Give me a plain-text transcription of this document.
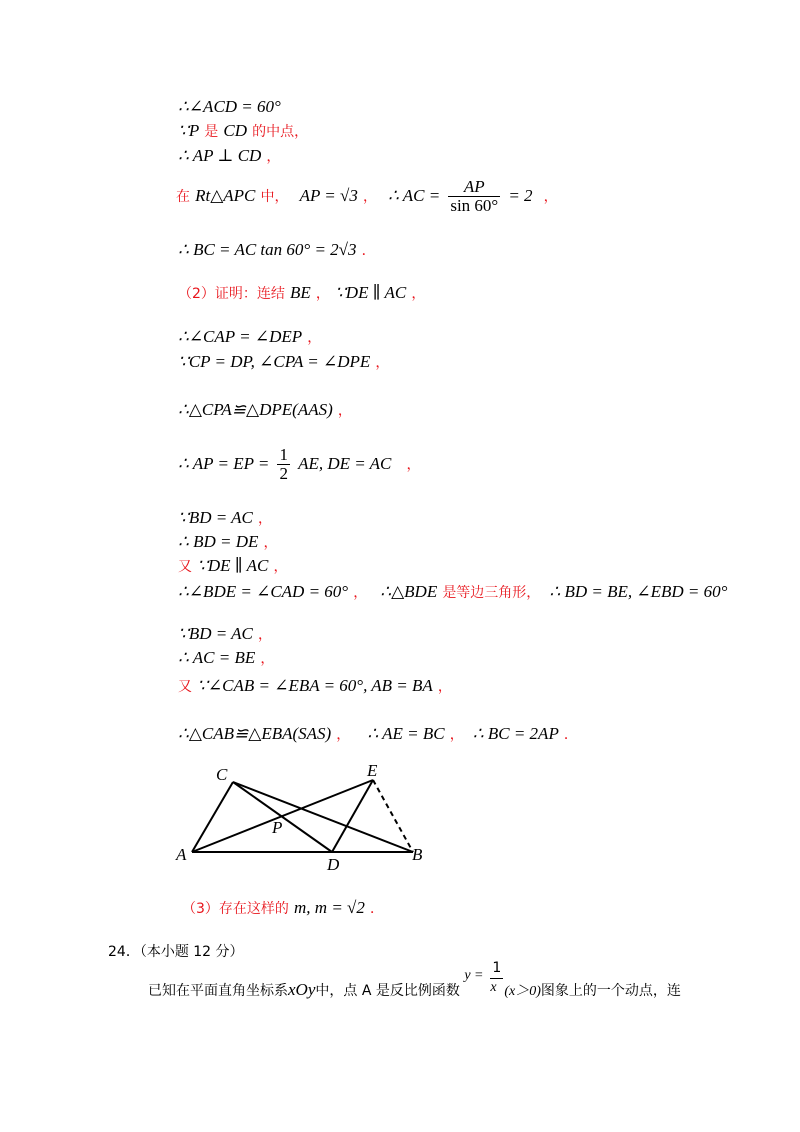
∴∠ACD = 60°
∵P 是 CD 的中点，
∴ AP ⊥ CD ，
在 Rt△APC 中， AP = √3 ， ∴ AC = $\frac{AP}{\sin 60^\circ} = 2$ ，
∴ BC = AC tan 60° = 2√3 ．
（2）证明：连结 BE ， ∵DE ∥ AC ，
∴∠CAP = ∠DEP ，
∵CP = DP, ∠CPA = ∠DPE ，
∴△CPA≌△DPE(AAS) ，
∴ AP = EP = $\frac{1}{2}$ AE, DE = AC ，
∵BD = AC ，
∴ BD = DE ，
又 ∵DE ∥ AC ，
∴∠BDE = ∠CAD = 60° ， ∴△BDE 是等边三角形， ∴ BD = BE, ∠EBD = 60°
∵BD = AC ，
∴ AC = BE ，
又 ∵∠CAB = ∠EBA = 60°, AB = BA ，
∴△CAB≌△EBA(SAS) ， ∴ AE = BC ， ∴ BC = 2AP ．
C	E
P
A
D
B
（3）存在这样的 m, m = √2 ．
24．（本小题 12 分）
已知在平面直角坐标系xOy中，点 A 是反比例函数
y = 1
x (x＞0)图象上的一个动点，连
